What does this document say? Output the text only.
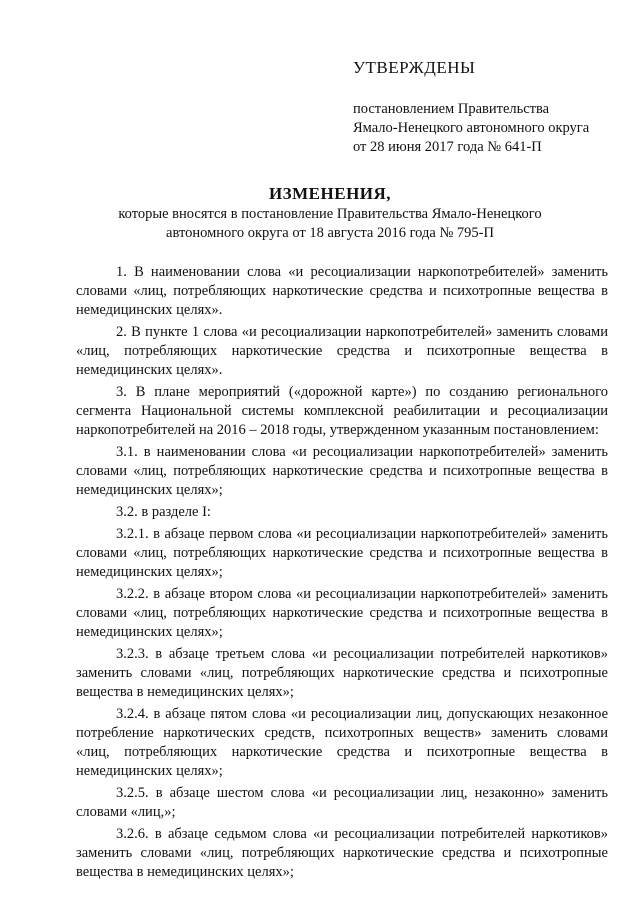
УТВЕРЖДЕНЫ
постановлением Правительства
Ямало-Ненецкого автономного округа
от 28 июня 2017 года № 641-П
ИЗМЕНЕНИЯ,
которые вносятся в постановление Правительства Ямало-Ненецкого
автономного округа от 18 августа 2016 года № 795-П

1. В наименовании слова «и ресоциализации наркопотребителей» заменить словами «лиц, потребляющих наркотические средства и психотропные вещества в немедицинских целях».

2. В пункте 1 слова «и ресоциализации наркопотребителей» заменить словами «лиц, потребляющих наркотические средства и психотропные вещества в немедицинских целях».

3. В плане мероприятий («дорожной карте») по созданию регионального сегмента Национальной системы комплексной реабилитации и ресоциализации наркопотребителей на 2016 – 2018 годы, утвержденном указанным постановлением:

3.1. в наименовании слова «и ресоциализации наркопотребителей» заменить словами «лиц, потребляющих наркотические средства и психотропные вещества в немедицинских целях»;

3.2. в разделе I:

3.2.1. в абзаце первом слова «и ресоциализации наркопотребителей» заменить словами «лиц, потребляющих наркотические средства и психотропные вещества в немедицинских целях»;

3.2.2. в абзаце втором слова «и ресоциализации наркопотребителей» заменить словами «лиц, потребляющих наркотические средства и психотропные вещества в немедицинских целях»;

3.2.3. в абзаце третьем слова «и ресоциализации потребителей наркотиков» заменить словами «лиц, потребляющих наркотические средства и психотропные вещества в немедицинских целях»;

3.2.4. в абзаце пятом слова «и ресоциализации лиц, допускающих незаконное потребление наркотических средств, психотропных веществ» заменить словами «лиц, потребляющих наркотические средства и психотропные вещества в немедицинских целях»;

3.2.5. в абзаце шестом слова «и ресоциализации лиц, незаконно» заменить словами «лиц,»;

3.2.6. в абзаце седьмом слова «и ресоциализации потребителей наркотиков» заменить словами «лиц, потребляющих наркотические средства и психотропные вещества в немедицинских целях»;
